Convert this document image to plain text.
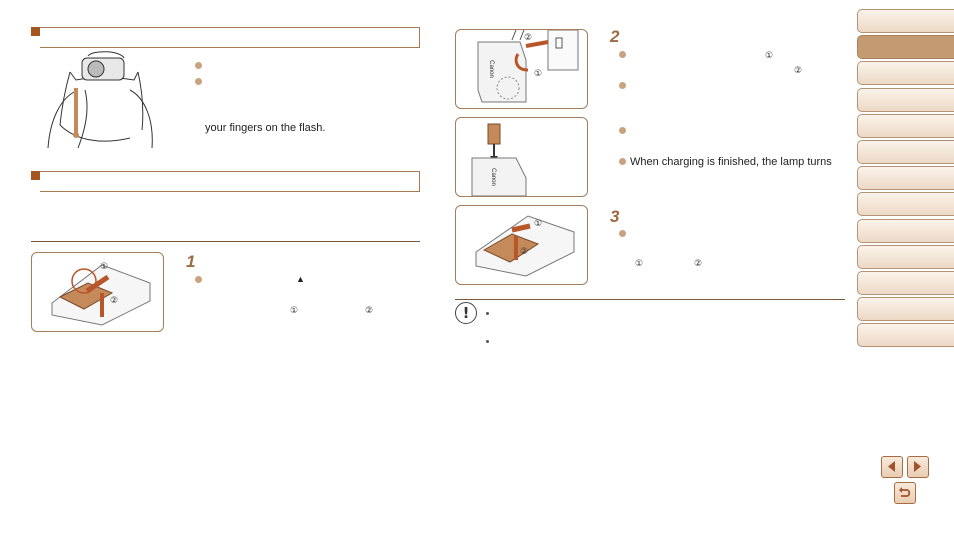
your fingers on the flash.
①
②
1
▲
①	②
②
①
Canon
Canon
①
②
2
①
②
When charging is finished, the lamp turns
3
①	②
!
